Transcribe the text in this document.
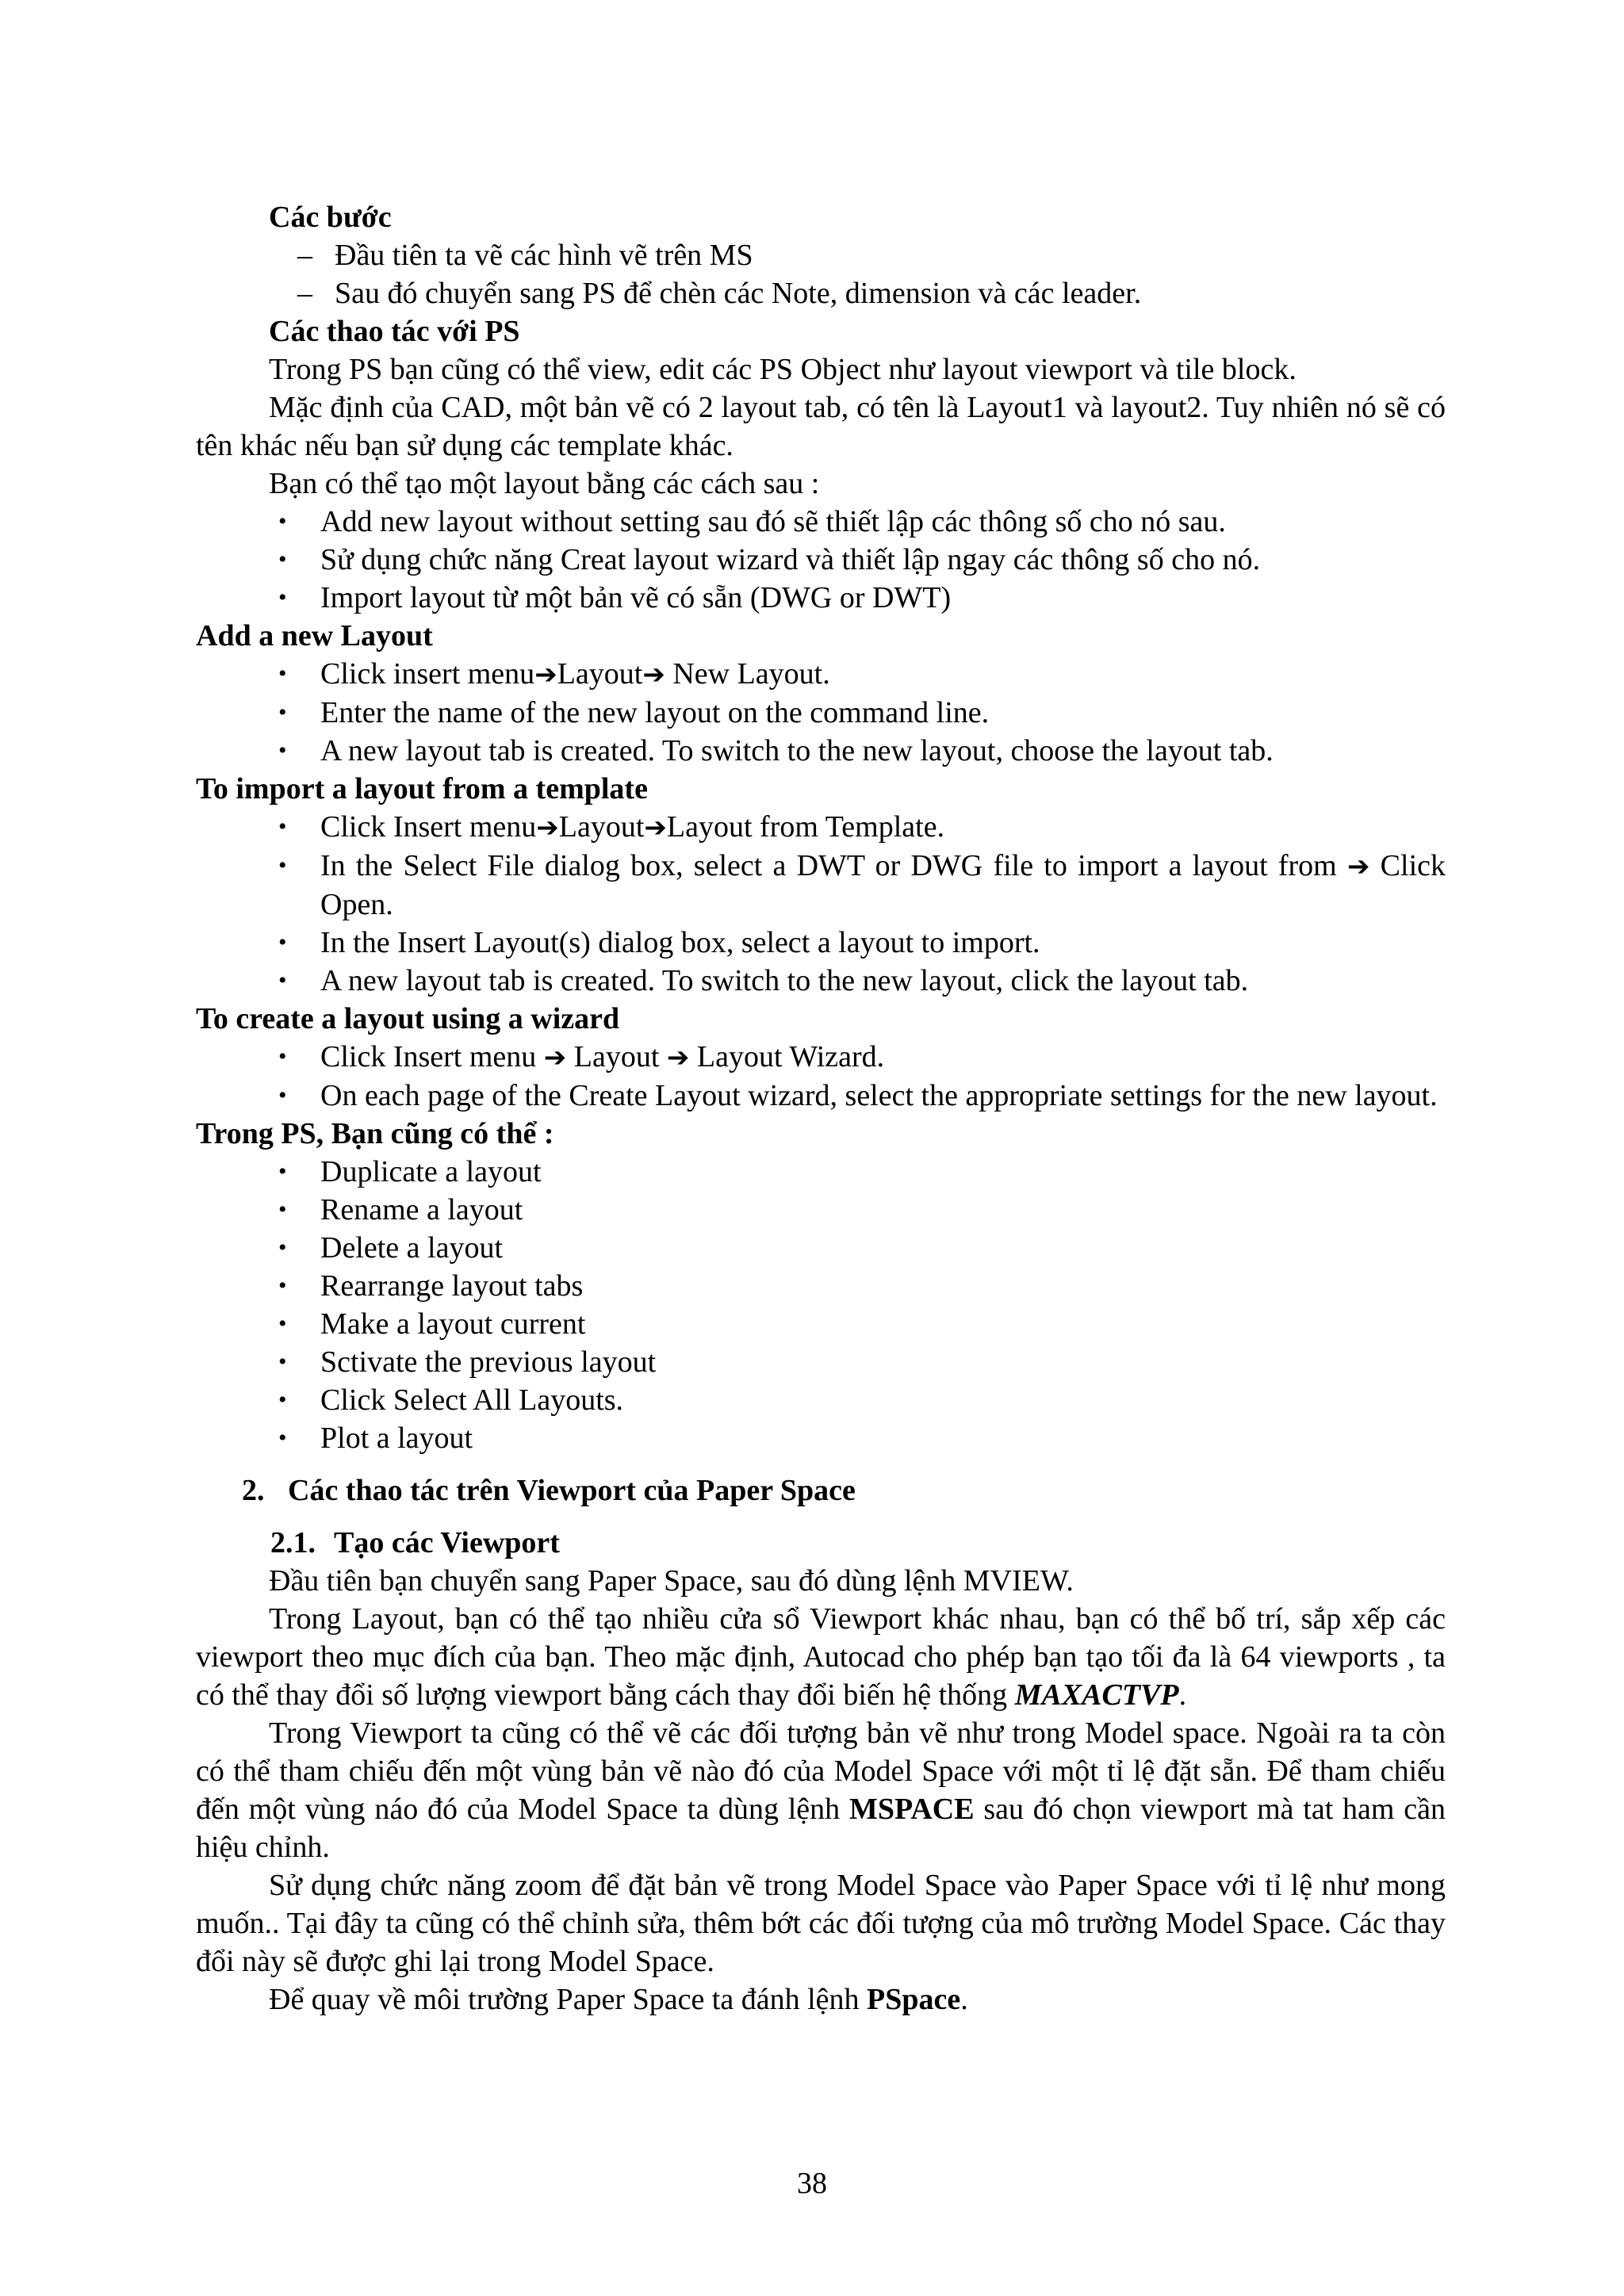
Các bước

– Đầu tiên ta vẽ các hình vẽ trên MS
– Sau đó chuyển sang PS để chèn các Note, dimension và các leader.

Các thao tác với PS

Trong PS bạn cũng có thể view, edit các PS Object như layout viewport và tile block.

Mặc định của CAD, một bản vẽ có 2 layout tab, có tên là Layout1 và layout2. Tuy nhiên nó sẽ có tên khác nếu bạn sử dụng các template khác.

Bạn có thể tạo một layout bằng các cách sau :

• Add new layout without setting sau đó sẽ thiết lập các thông số cho nó sau.
• Sử dụng chức năng Creat layout wizard và thiết lập ngay các thông số cho nó.
• Import layout từ một bản vẽ có sẵn (DWG or DWT)

Add a new Layout

• Click insert menu➔Layout➔ New Layout.
• Enter the name of the new layout on the command line.
• A new layout tab is created. To switch to the new layout, choose the layout tab.

To import a layout from a template

• Click Insert menu➔Layout➔Layout from Template.
• In the Select File dialog box, select a DWT or DWG file to import a layout from ➔ Click Open.
• In the Insert Layout(s) dialog box, select a layout to import.
• A new layout tab is created. To switch to the new layout, click the layout tab.

To create a layout using a wizard

• Click Insert menu ➔ Layout ➔ Layout Wizard.
• On each page of the Create Layout wizard, select the appropriate settings for the new layout.

Trong PS, Bạn cũng có thể :

• Duplicate a layout
• Rename a layout
• Delete a layout
• Rearrange layout tabs
• Make a layout current
• Sctivate the previous layout
• Click Select All Layouts.
• Plot a layout

2. Các thao tác trên Viewport của Paper Space

2.1. Tạo các Viewport

Đầu tiên bạn chuyển sang Paper Space, sau đó dùng lệnh MVIEW.

Trong Layout, bạn có thể tạo nhiều cửa sổ Viewport khác nhau, bạn có thể bố trí, sắp xếp các viewport theo mục đích của bạn. Theo mặc định, Autocad cho phép bạn tạo tối đa là 64 viewports , ta có thể thay đổi số lượng viewport bằng cách thay đổi biến hệ thống MAXACTVP.

Trong Viewport ta cũng có thể vẽ các đối tượng bản vẽ như trong Model space. Ngoài ra ta còn có thể tham chiếu đến một vùng bản vẽ nào đó của Model Space với một tỉ lệ đặt sẵn. Để tham chiếu đến một vùng náo đó của Model Space ta dùng lệnh MSPACE sau đó chọn viewport mà tat ham cần hiệu chỉnh.

Sử dụng chức năng zoom để đặt bản vẽ trong Model Space vào Paper Space với tỉ lệ như mong muốn.. Tại đây ta cũng có thể chỉnh sửa, thêm bớt các đối tượng của mô trường Model Space. Các thay đổi này sẽ được ghi lại trong Model Space.

Để quay về môi trường Paper Space ta đánh lệnh PSpace.

38
